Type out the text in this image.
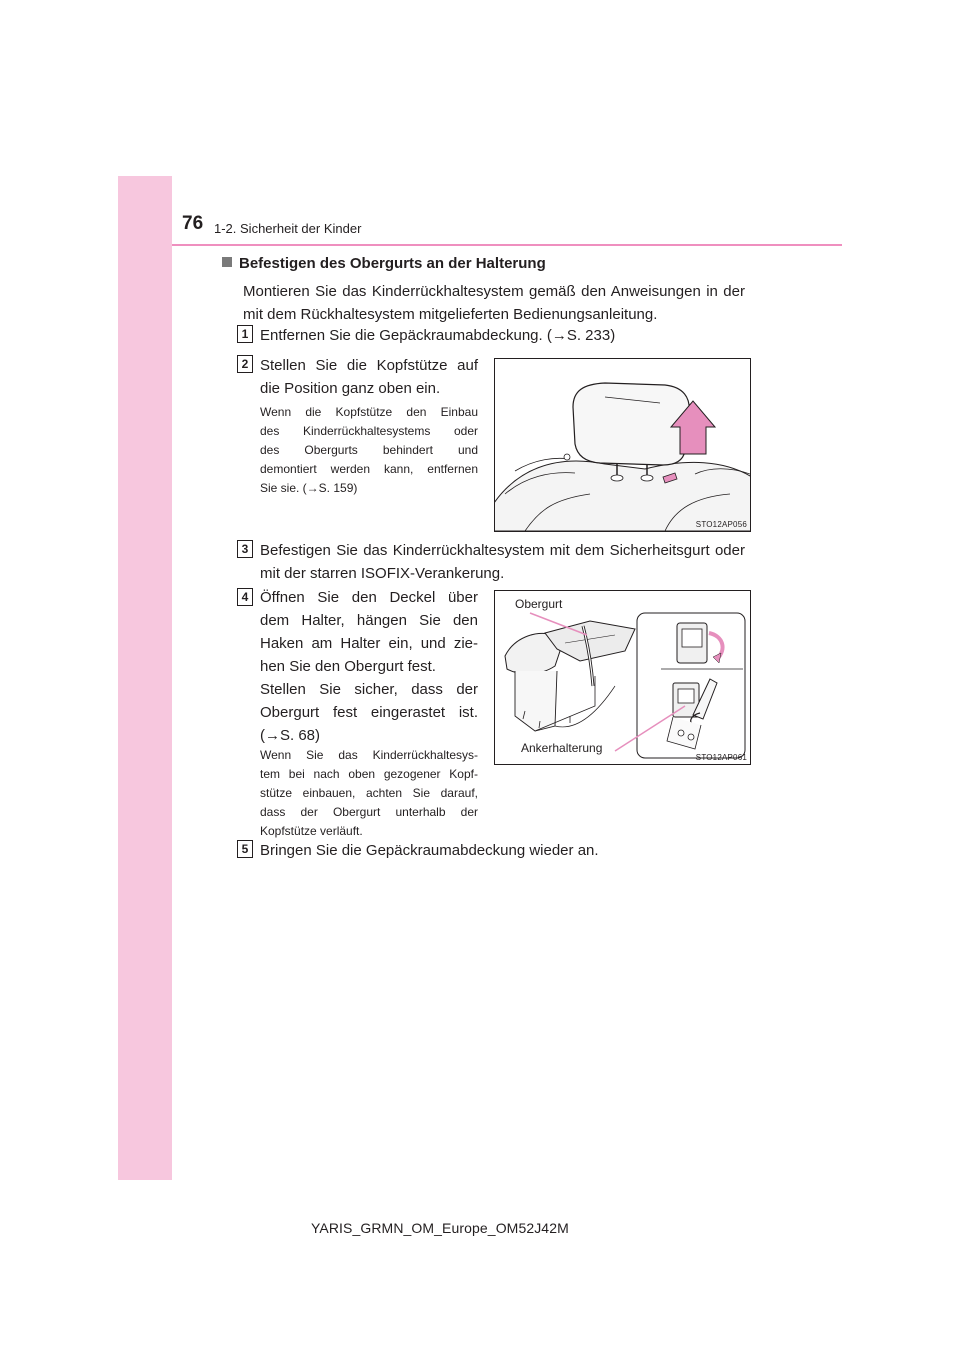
76 1-2. Sicherheit der Kinder
Befestigen des Obergurts an der Halterung
Montieren Sie das Kinderrückhaltesystem gemäß den Anweisungen in der
mit dem Rückhaltesystem mitgelieferten Bedienungsanleitung.
1 Entfernen Sie die Gepäckraumabdeckung. (→S. 233)
2 Stellen Sie die Kopfstütze auf
die Position ganz oben ein.
Wenn die Kopfstütze den Einbau
des Kinderrückhaltesystems oder
des Obergurts behindert und
demontiert werden kann, entfernen
Sie sie. (→S. 159)
STO12AP056
3 Befestigen Sie das Kinderrückhaltesystem mit dem Sicherheitsgurt oder
mit der starren ISOFIX-Verankerung.
4 Öffnen Sie den Deckel über
dem Halter, hängen Sie den
Haken am Halter ein, und zie-
hen Sie den Obergurt fest.
Stellen Sie sicher, dass der
Obergurt fest eingerastet ist.
(→S. 68)
Wenn Sie das Kinderrückhaltesys-
tem bei nach oben gezogener Kopf-
stütze einbauen, achten Sie darauf,
dass der Obergurt unterhalb der
Kopfstütze verläuft.
Obergurt
Ankerhalterung
STO12AP061
5 Bringen Sie die Gepäckraumabdeckung wieder an.
YARIS_GRMN_OM_Europe_OM52J42M
